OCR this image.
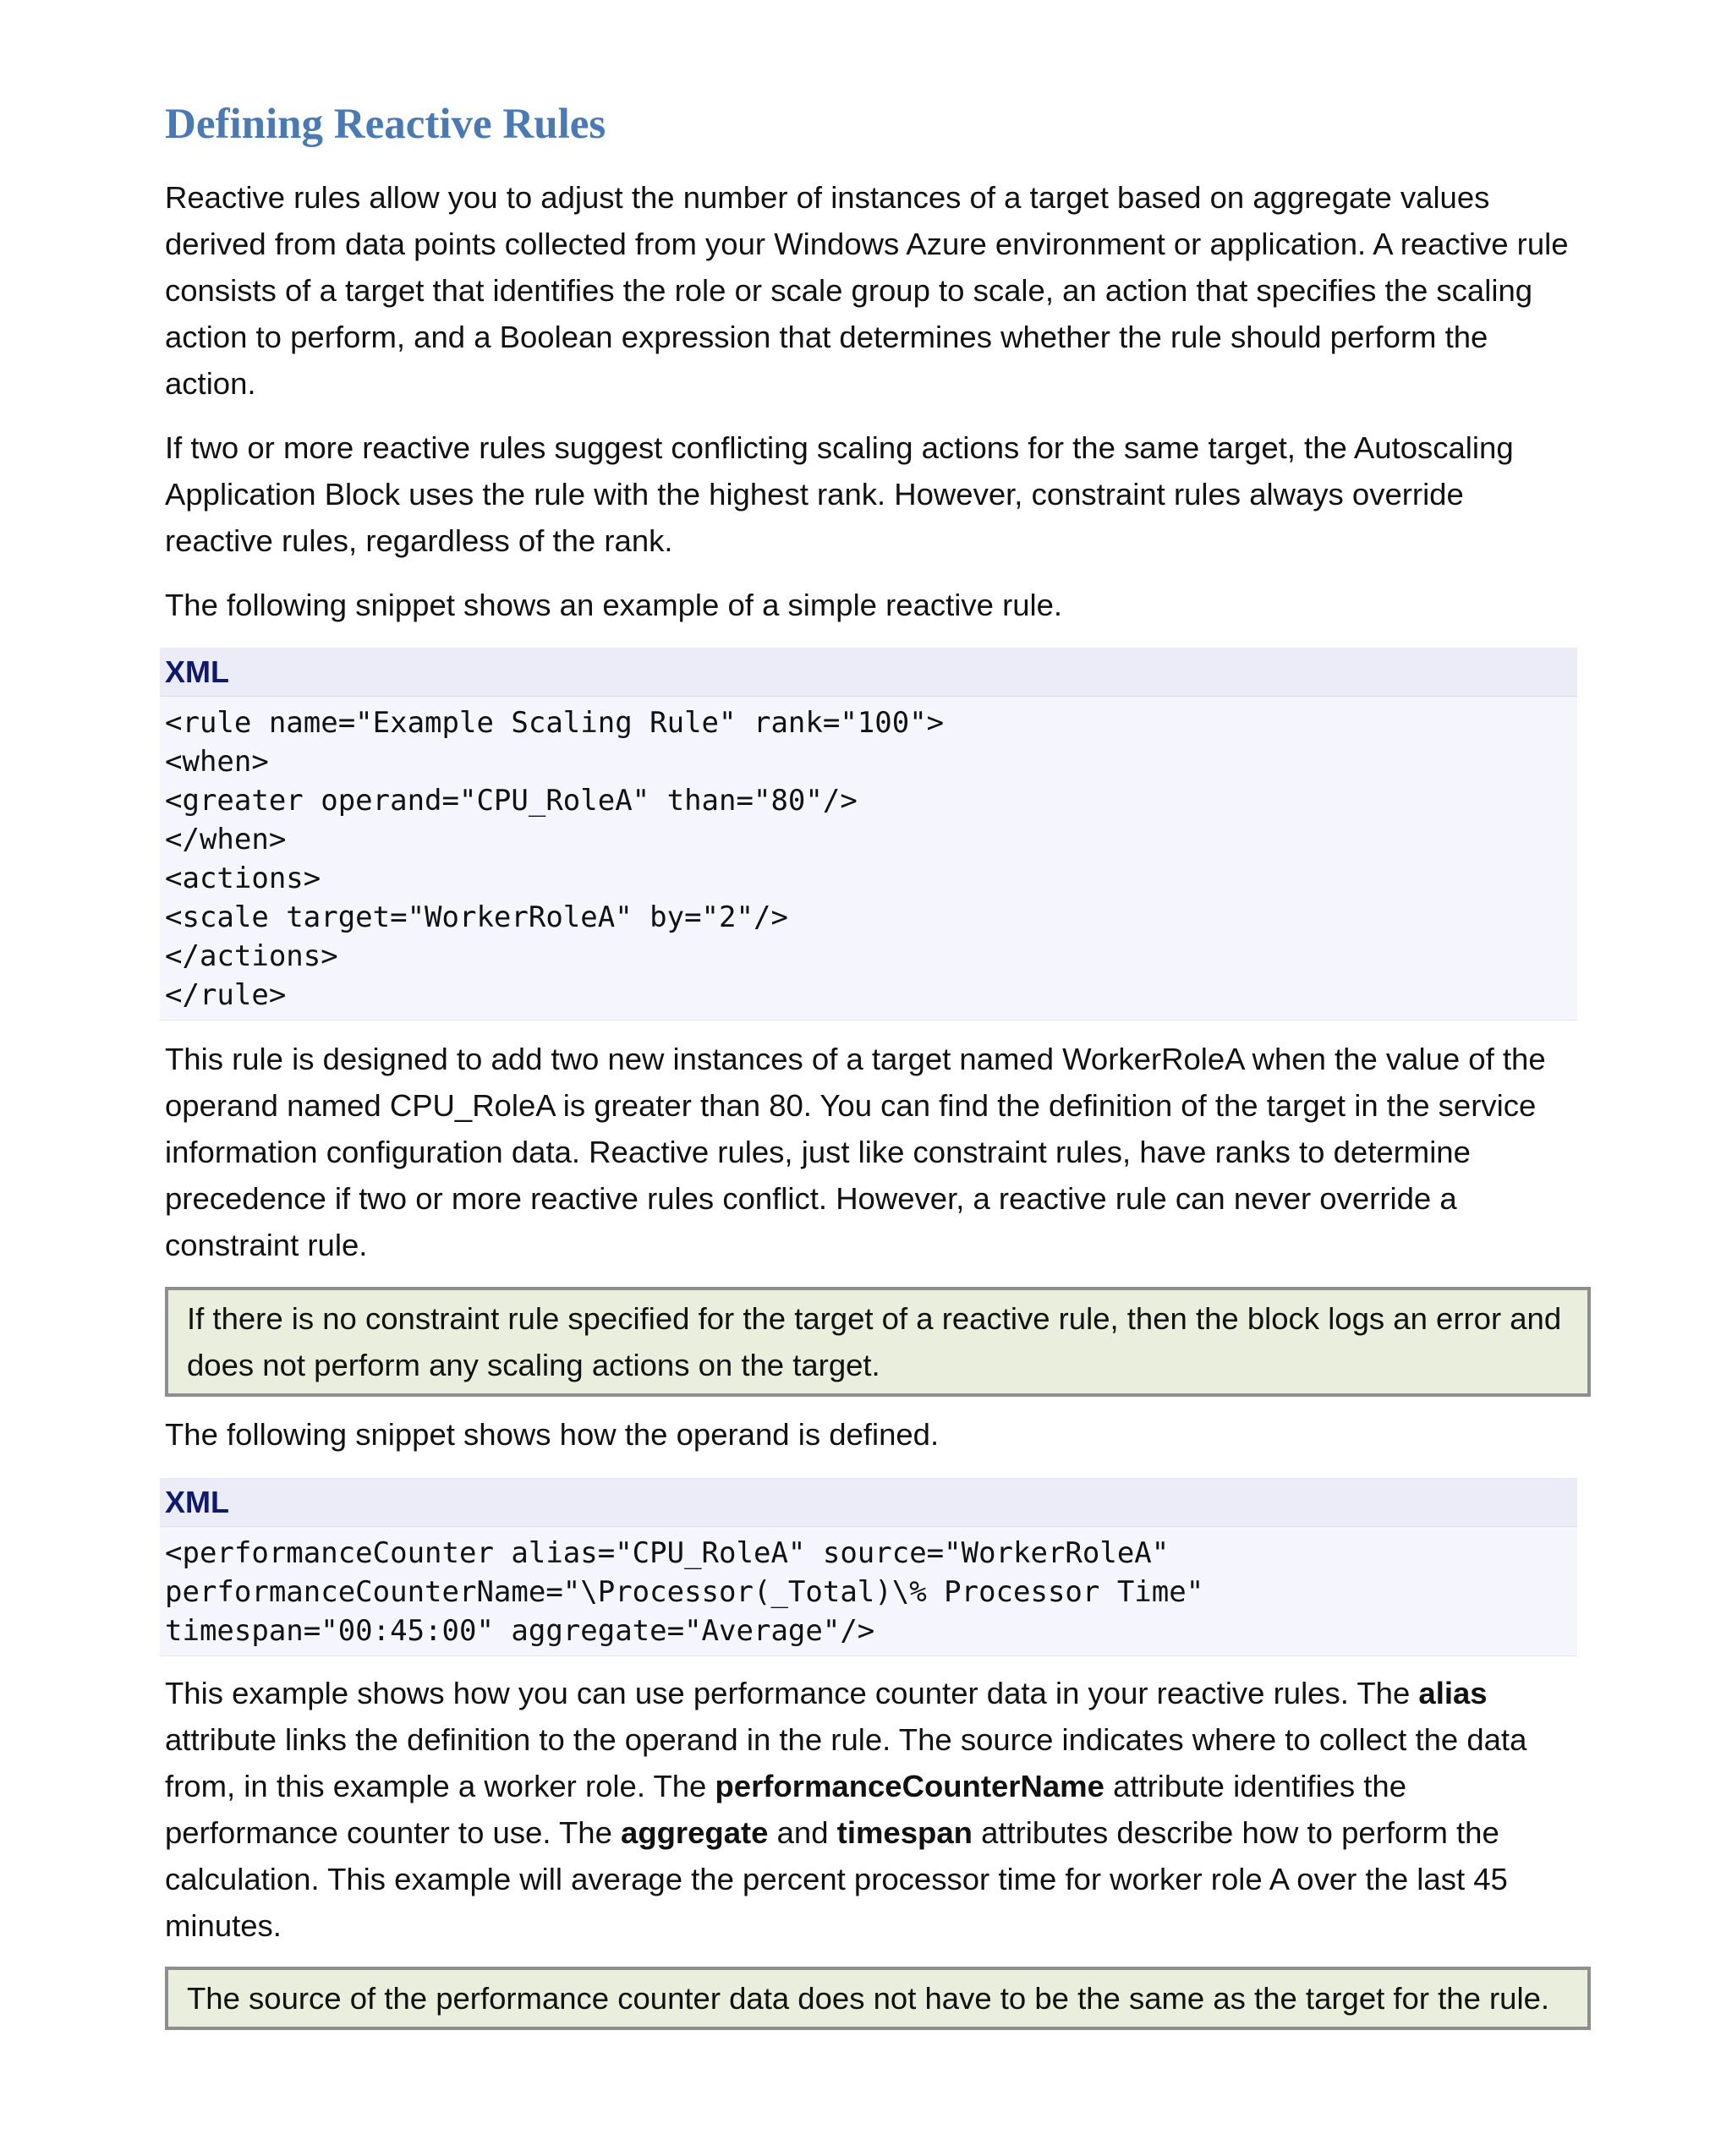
Defining Reactive Rules

Reactive rules allow you to adjust the number of instances of a target based on aggregate values derived from data points collected from your Windows Azure environment or application. A reactive rule consists of a target that identifies the role or scale group to scale, an action that specifies the scaling action to perform, and a Boolean expression that determines whether the rule should perform the action.

If two or more reactive rules suggest conflicting scaling actions for the same target, the Autoscaling Application Block uses the rule with the highest rank. However, constraint rules always override reactive rules, regardless of the rank.

The following snippet shows an example of a simple reactive rule.

XML
<rule name="Example Scaling Rule" rank="100">
<when>
<greater operand="CPU_RoleA" than="80"/>
</when>
<actions>
<scale target="WorkerRoleA" by="2"/>
</actions>
</rule>

This rule is designed to add two new instances of a target named WorkerRoleA when the value of the operand named CPU_RoleA is greater than 80. You can find the definition of the target in the service information configuration data. Reactive rules, just like constraint rules, have ranks to determine precedence if two or more reactive rules conflict. However, a reactive rule can never override a constraint rule.

If there is no constraint rule specified for the target of a reactive rule, then the block logs an error and does not perform any scaling actions on the target.

The following snippet shows how the operand is defined.

XML
<performanceCounter alias="CPU_RoleA" source="WorkerRoleA"
performanceCounterName="\Processor(_Total)\% Processor Time"
timespan="00:45:00" aggregate="Average"/>

This example shows how you can use performance counter data in your reactive rules. The alias attribute links the definition to the operand in the rule. The source indicates where to collect the data from, in this example a worker role. The performanceCounterName attribute identifies the performance counter to use. The aggregate and timespan attributes describe how to perform the calculation. This example will average the percent processor time for worker role A over the last 45 minutes.

The source of the performance counter data does not have to be the same as the target for the rule.
